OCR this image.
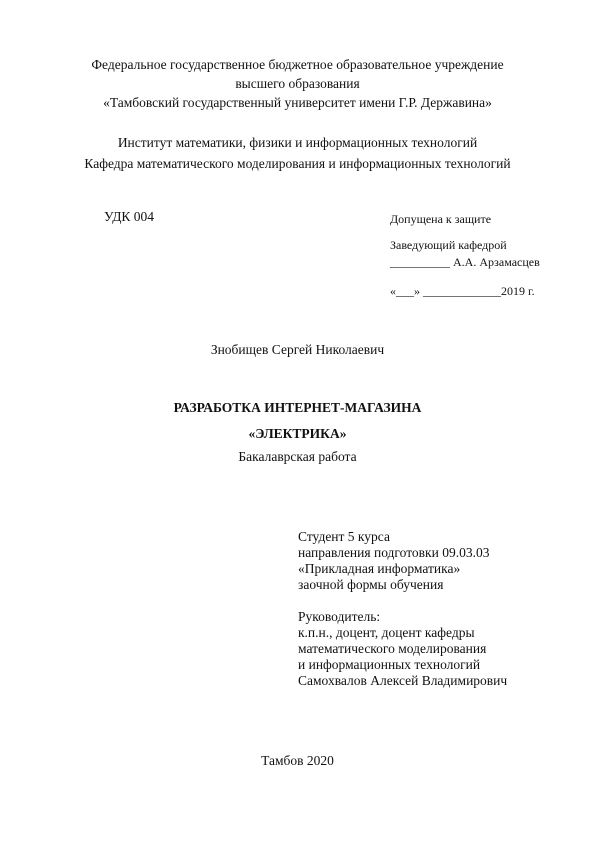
Федеральное государственное бюджетное образовательное учреждение
высшего образования
«Тамбовский государственный университет имени Г.Р. Державина»
Институт математики, физики и информационных технологий
Кафедра математического моделирования и информационных технологий
УДК 004	Допущена к защите
Заведующий кафедрой
__________ А.А. Арзамасцев
«___» _____________2019 г.
Знобищев Сергей Николаевич
РАЗРАБОТКА ИНТЕРНЕТ-МАГАЗИНА
«ЭЛЕКТРИКА»
Бакалаврская работа
Студент 5 курса
направления подготовки 09.03.03
«Прикладная информатика»
заочной формы обучения
Руководитель:
к.п.н., доцент, доцент кафедры
математического моделирования
и информационных технологий
Самохвалов Алексей Владимирович
Тамбов 2020
